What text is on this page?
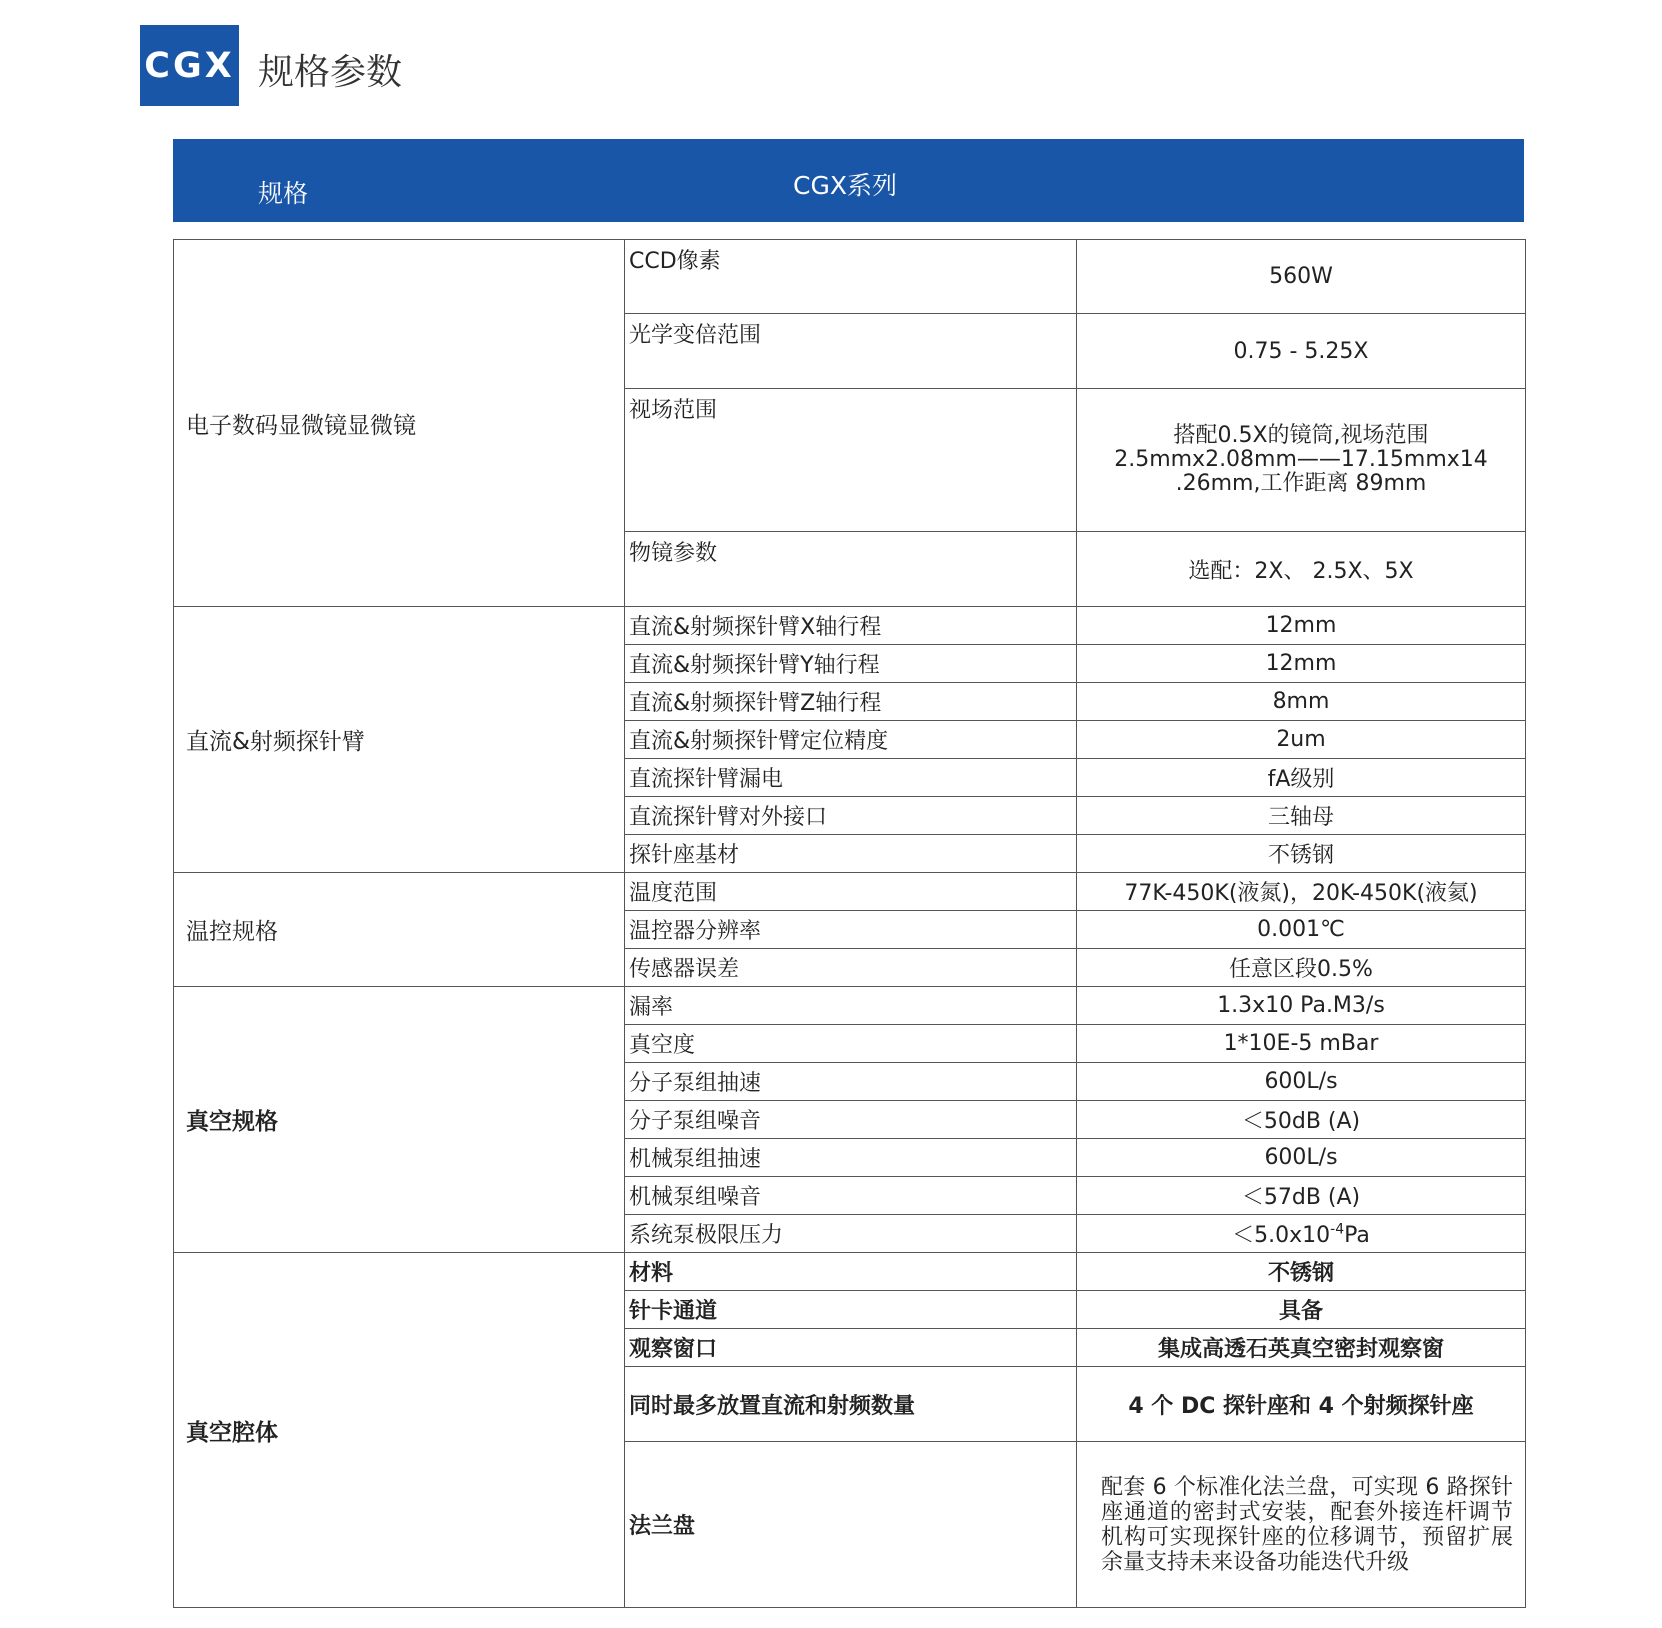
CGX 规格参数
规格	CGX系列
电子数码显微镜显微镜	CCD像素	560W
	光学变倍范围	0.75 - 5.25X
	视场范围	搭配0.5X的镜筒,视场范围
2.5mmx2.08mm——17.15mmx14
.26mm,工作距离 89mm

	物镜参数	选配：2X、 2.5X、5X
直流&射频探针臂	直流&射频探针臂X轴行程	12mm
	直流&射频探针臂Y轴行程	12mm
	直流&射频探针臂Z轴行程	8mm
	直流&射频探针臂定位精度	2um
	直流探针臂漏电	fA级别
	直流探针臂对外接口	三轴母
	探针座基材	不锈钢
温控规格	温度范围	77K-450K(液氮)，20K-450K(液氦)
	温控器分辨率	0.001℃
	传感器误差	任意区段0.5%
真空规格	漏率	1.3x10 Pa.M3/s
	真空度	1*10E-5 mBar
	分子泵组抽速	600L/s
	分子泵组噪音	＜50dB (A)
	机械泵组抽速	600L/s
	机械泵组噪音	＜57dB (A)
	系统泵极限压力	$<5.0x10^{-4}Pa$
真空腔体	材料	不锈钢
	针卡通道	具备
	观察窗口	集成高透石英真空密封观察窗
	同时最多放置直流和射频数量	4 个 DC 探针座和 4 个射频探针座
	法兰盘	配套 6 个标准化法兰盘，可实现 6 路探针座通道的密封式安装，配套外接连杆调节机构可实现探针座的位移调节，预留扩展余量支持未来设备功能迭代升级
